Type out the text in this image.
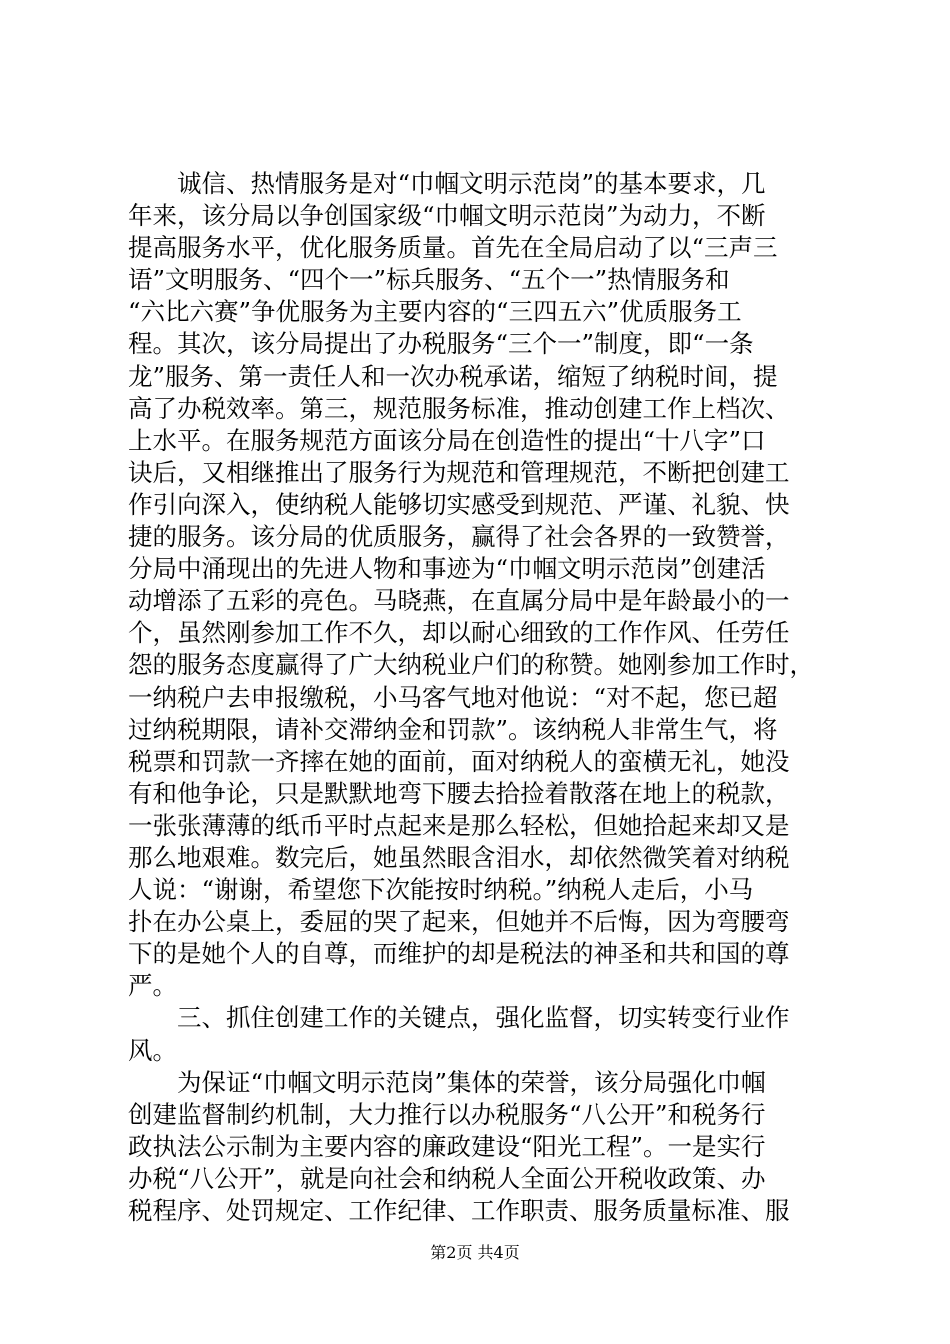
　　诚信、热情服务是对“巾帼文明示范岗”的基本要求，几
年来，该分局以争创国家级“巾帼文明示范岗”为动力，不断
提高服务水平，优化服务质量。首先在全局启动了以“三声三
语”文明服务、“四个一”标兵服务、“五个一”热情服务和
“六比六赛”争优服务为主要内容的“三四五六”优质服务工
程。其次，该分局提出了办税服务“三个一”制度，即“一条
龙”服务、第一责任人和一次办税承诺，缩短了纳税时间，提
高了办税效率。第三，规范服务标准，推动创建工作上档次、
上水平。在服务规范方面该分局在创造性的提出“十八字”口
诀后，又相继推出了服务行为规范和管理规范，不断把创建工
作引向深入，使纳税人能够切实感受到规范、严谨、礼貌、快
捷的服务。该分局的优质服务，赢得了社会各界的一致赞誉，
分局中涌现出的先进人物和事迹为“巾帼文明示范岗”创建活
动增添了五彩的亮色。马晓燕，在直属分局中是年龄最小的一
个，虽然刚参加工作不久，却以耐心细致的工作作风、任劳任
怨的服务态度赢得了广大纳税业户们的称赞。她刚参加工作时，
一纳税户去申报缴税，小马客气地对他说：“对不起，您已超
过纳税期限，请补交滞纳金和罚款”。该纳税人非常生气，将
税票和罚款一齐摔在她的面前，面对纳税人的蛮横无礼，她没
有和他争论，只是默默地弯下腰去拾捡着散落在地上的税款，
一张张薄薄的纸币平时点起来是那么轻松，但她拾起来却又是
那么地艰难。数完后，她虽然眼含泪水，却依然微笑着对纳税
人说：“谢谢，希望您下次能按时纳税。”纳税人走后，小马
扑在办公桌上，委屈的哭了起来，但她并不后悔，因为弯腰弯
下的是她个人的自尊，而维护的却是税法的神圣和共和国的尊
严。
　　三、抓住创建工作的关键点，强化监督，切实转变行业作
风。
　　为保证“巾帼文明示范岗”集体的荣誉，该分局强化巾帼
创建监督制约机制，大力推行以办税服务“八公开”和税务行
政执法公示制为主要内容的廉政建设“阳光工程”。一是实行
办税“八公开”，就是向社会和纳税人全面公开税收政策、办
税程序、处罚规定、工作纪律、工作职责、服务质量标准、服
第2页 共4页
